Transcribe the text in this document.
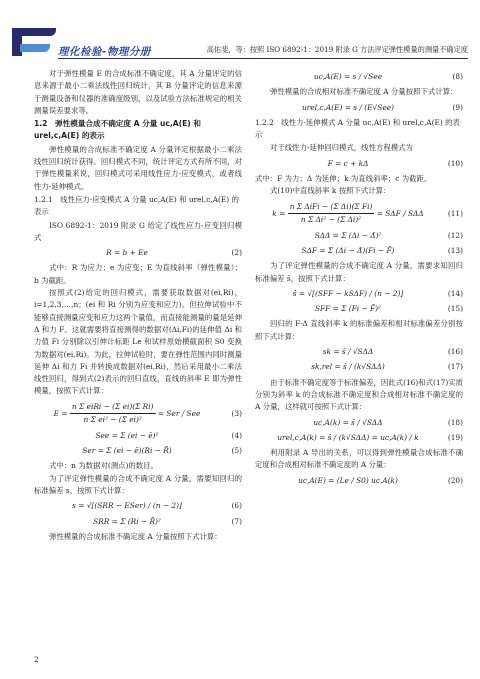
理化检验-物理分册	高佑斐，等：按照 ISO 6892-1：2019 附录 G 方法评定弹性模量的测量不确定度

对于弹性模量 E 的合成标准不确定度，其 A 分量评定的信息来源于最小二乘法线性回归统计，其 B 分量评定的信息来源于测量设备和仪器的准确度级别，以及试验方法标准规定的相关测量误差要求等。

1.2　弹性模量合成不确定度 A 分量 uc,A(E) 和 urel,c,A(E) 的表示

弹性模量的合成标准不确定度 A 分量评定根据最小二乘法线性回归统计获得。回归模式不同，统计评定方式有所不同，对于弹性模量来说，回归模式可采用线性应力-应变模式，或者线性力-延伸模式。

1.2.1　线性应力-应变模式 A 分量 uc,A(E) 和 urel,c,A(E) 的表示

ISO 6892-1：2019 附录 G 给定了线性应力-应变回归模式

R = b + Ee	(2)

式中：R 为应力；e 为应变；E 为直线斜率（弹性模量）；b 为截距。

按照式(2)给定的回归模式，需要获取数据对(ei,Ri)，i=1,2,3,…,n；(ei 和 Ri 分别为应变和应力)。但拉伸试验中不能够直接测量应变和应力这两个量值，而直接能测量的量是延伸 Δ 和力 F。这就需要将直接测得的数据对(Δi,Fi)的延伸值 Δi 和力值 Fi 分别除以引伸计标距 Le 和试样原始横截面积 S0 变换为数据对(ei,Ri)。为此，拉伸试验时，要在弹性范围内同时测量延伸 Δi 和力 Fi 并转换成数据对(ei,Ri)，然后采用最小二乘法线性回归，得到式(2)表示的回归直线，直线的斜率 E 即为弹性模量，按照下式计算：

$E = \frac{\text{n Σ eiRi − (Σ ei)(Σ Ri)}}{\text{n Σ ei² − (Σ ei)²}}$ = Ser / See	(3)
See = Σ (ei − ē)²	(4)
Ser = Σ (ei − ē)(Ri − R̄)	(5)

式中：n 为数据对(测点)的数目。

为了评定弹性模量的合成不确定度 A 分量，需要知回归的标准偏差 s，按照下式计算：

s = √[(SRR − ESer) / (n − 2)]	(6)
SRR = Σ (Ri − R̄)²	(7)

弹性模量的合成标准不确定度 A 分量按照下式计算：

uc,A(E) = s / √See	(8)

弹性模量的合成相对标准不确定度 A 分量按照下式计算：

urel,c,A(E) = s / (E√See)	(9)

1.2.2　线性力-延伸模式 A 分量 uc,A(E) 和 urel,c,A(E) 的表示

对于线性力-延伸回归模式，线性方程模式为

F = c + kΔ	(10)

式中：F 为力；Δ 为延伸；k 为直线斜率；c 为截距。

式(10)中直线斜率 k 按照下式计算：

$k = \frac{\text{n Σ ΔiFi − (Σ Δi)(Σ Fi)}}{\text{n Σ Δi² − (Σ Δi)²}} = S\Delta F / S\Delta\Delta$	(11)
SΔΔ = Σ (Δi − Δ̄)²	(12)
SΔF = Σ (Δi − Δ̄)(Fi − F̄)	(13)

为了评定弹性模量的合成不确定度 A 分量，需要求知回归标准偏差 ŝ，按照下式计算：

ŝ = √[(SFF − kSΔF) / (n − 2)]	(14)
SFF = Σ (Fi − F̄)²	(15)

回归的 F-Δ 直线斜率 k 的标准偏差和相对标准偏差分别按照下式计算：

sk = ŝ / √SΔΔ	(16)
sk,rel = ŝ / (k√SΔΔ)	(17)

由于标准不确定度等于标准偏差，因此式(16)和式(17)实质分别为斜率 k 的合成标准不确定度和合成相对标准不确定度的 A 分量，这样就可按照下式计算：

uc,A(k) = ŝ / √SΔΔ	(18)
urel,c,A(k) = ŝ / (k√SΔΔ) = uc,A(k) / k	(19)

利用附录 A 导出的关系，可以得到弹性模量合成标准不确定度和合成相对标准不确定度的 A 分量：

uc,A(E) = (Le / S0) uc,A(k)	(20)
2
